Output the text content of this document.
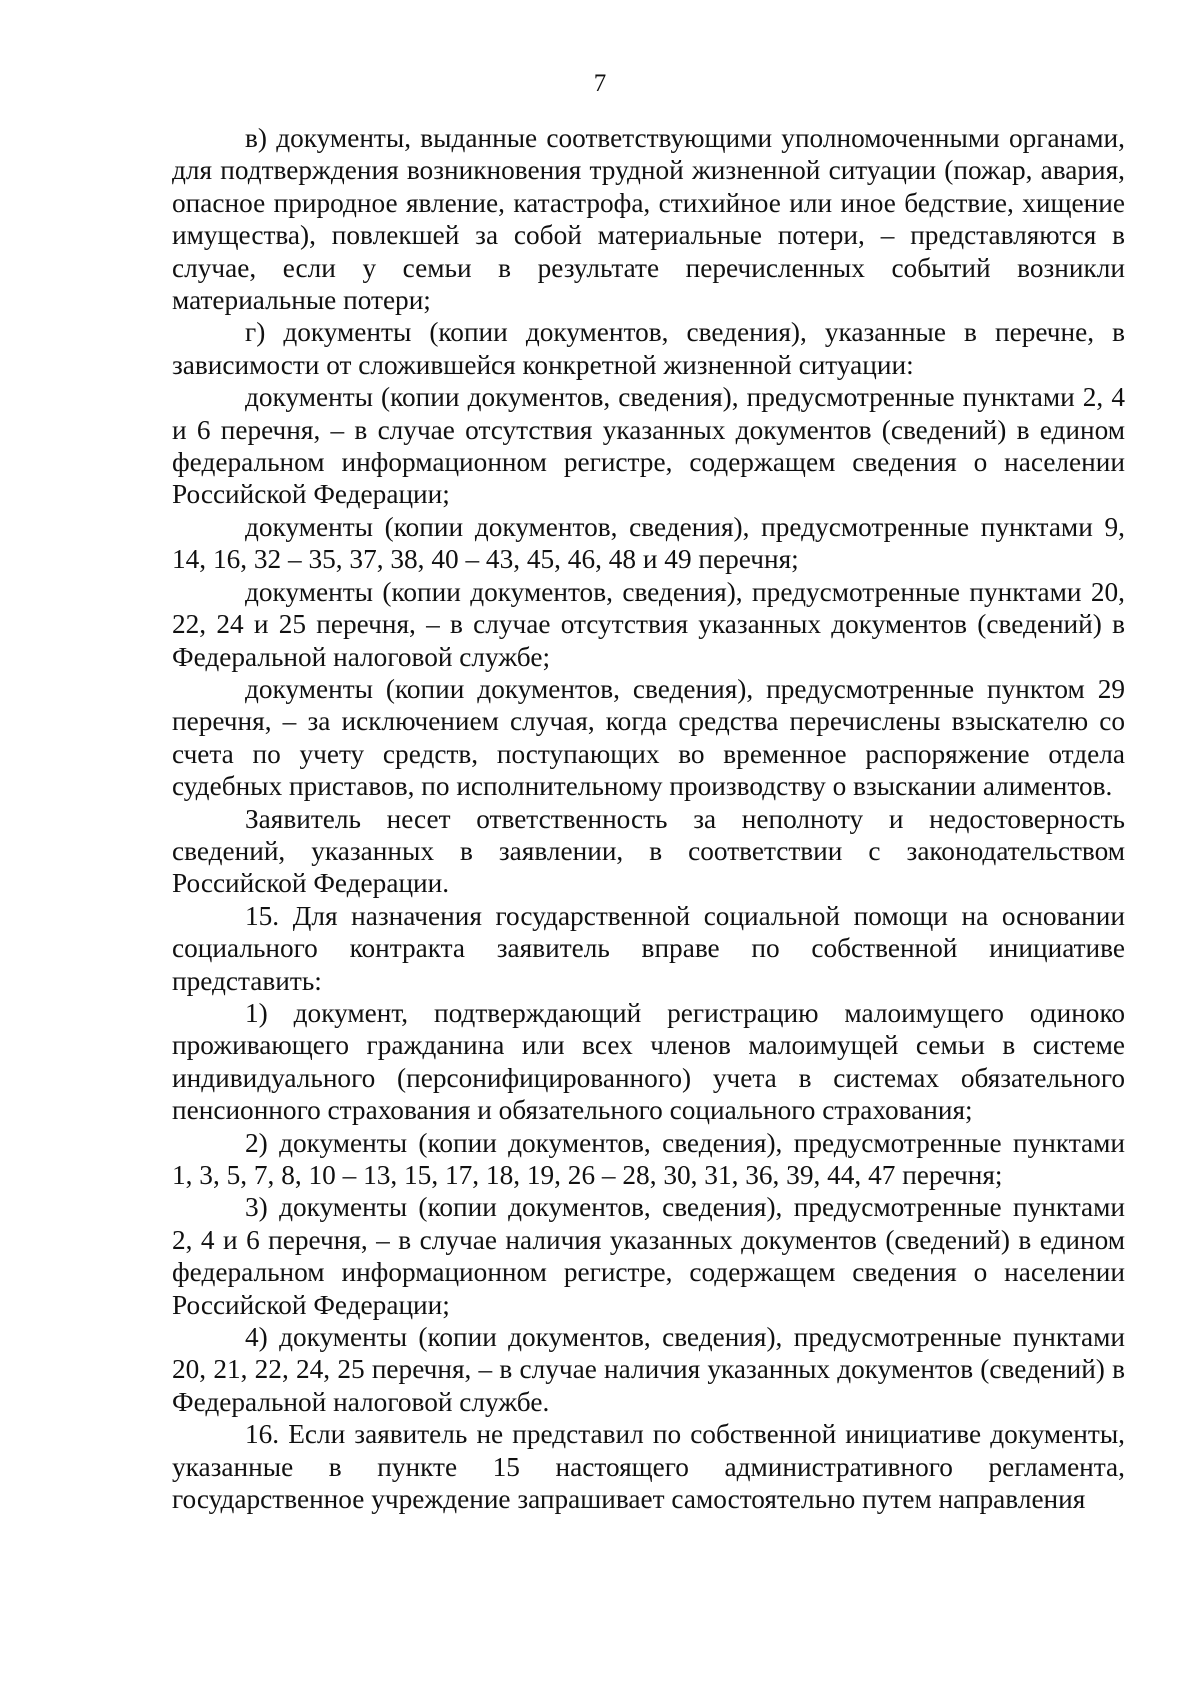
7

в) документы, выданные соответствующими уполномоченными органами, для подтверждения возникновения трудной жизненной ситуации (пожар, авария, опасное природное явление, катастрофа, стихийное или иное бедствие, хищение имущества), повлекшей за собой материальные потери, – представляются в случае, если у семьи в результате перечисленных событий возникли материальные потери;

г) документы (копии документов, сведения), указанные в перечне, в зависимости от сложившейся конкретной жизненной ситуации:

документы (копии документов, сведения), предусмотренные пунктами 2, 4 и 6 перечня, – в случае отсутствия указанных документов (сведений) в едином федеральном информационном регистре, содержащем сведения о населении Российской Федерации;

документы (копии документов, сведения), предусмотренные пунктами 9, 14, 16, 32 – 35, 37, 38, 40 – 43, 45, 46, 48 и 49 перечня;

документы (копии документов, сведения), предусмотренные пунктами 20, 22, 24 и 25 перечня, – в случае отсутствия указанных документов (сведений) в Федеральной налоговой службе;

документы (копии документов, сведения), предусмотренные пунктом 29 перечня, – за исключением случая, когда средства перечислены взыскателю со счета по учету средств, поступающих во временное распоряжение отдела судебных приставов, по исполнительному производству о взыскании алиментов.

Заявитель несет ответственность за неполноту и недостоверность сведений, указанных в заявлении, в соответствии с законодательством Российской Федерации.

15. Для назначения государственной социальной помощи на основании социального контракта заявитель вправе по собственной инициативе представить:

1) документ, подтверждающий регистрацию малоимущего одиноко проживающего гражданина или всех членов малоимущей семьи в системе индивидуального (персонифицированного) учета в системах обязательного пенсионного страхования и обязательного социального страхования;

2) документы (копии документов, сведения), предусмотренные пунктами 1, 3, 5, 7, 8, 10 – 13, 15, 17, 18, 19, 26 – 28, 30, 31, 36, 39, 44, 47 перечня;

3) документы (копии документов, сведения), предусмотренные пунктами 2, 4 и 6 перечня, – в случае наличия указанных документов (сведений) в едином федеральном информационном регистре, содержащем сведения о населении Российской Федерации;

4) документы (копии документов, сведения), предусмотренные пунктами 20, 21, 22, 24, 25 перечня, – в случае наличия указанных документов (сведений) в Федеральной налоговой службе.

16. Если заявитель не представил по собственной инициативе документы, указанные в пункте 15 настоящего административного регламента, государственное учреждение запрашивает самостоятельно путем направления
